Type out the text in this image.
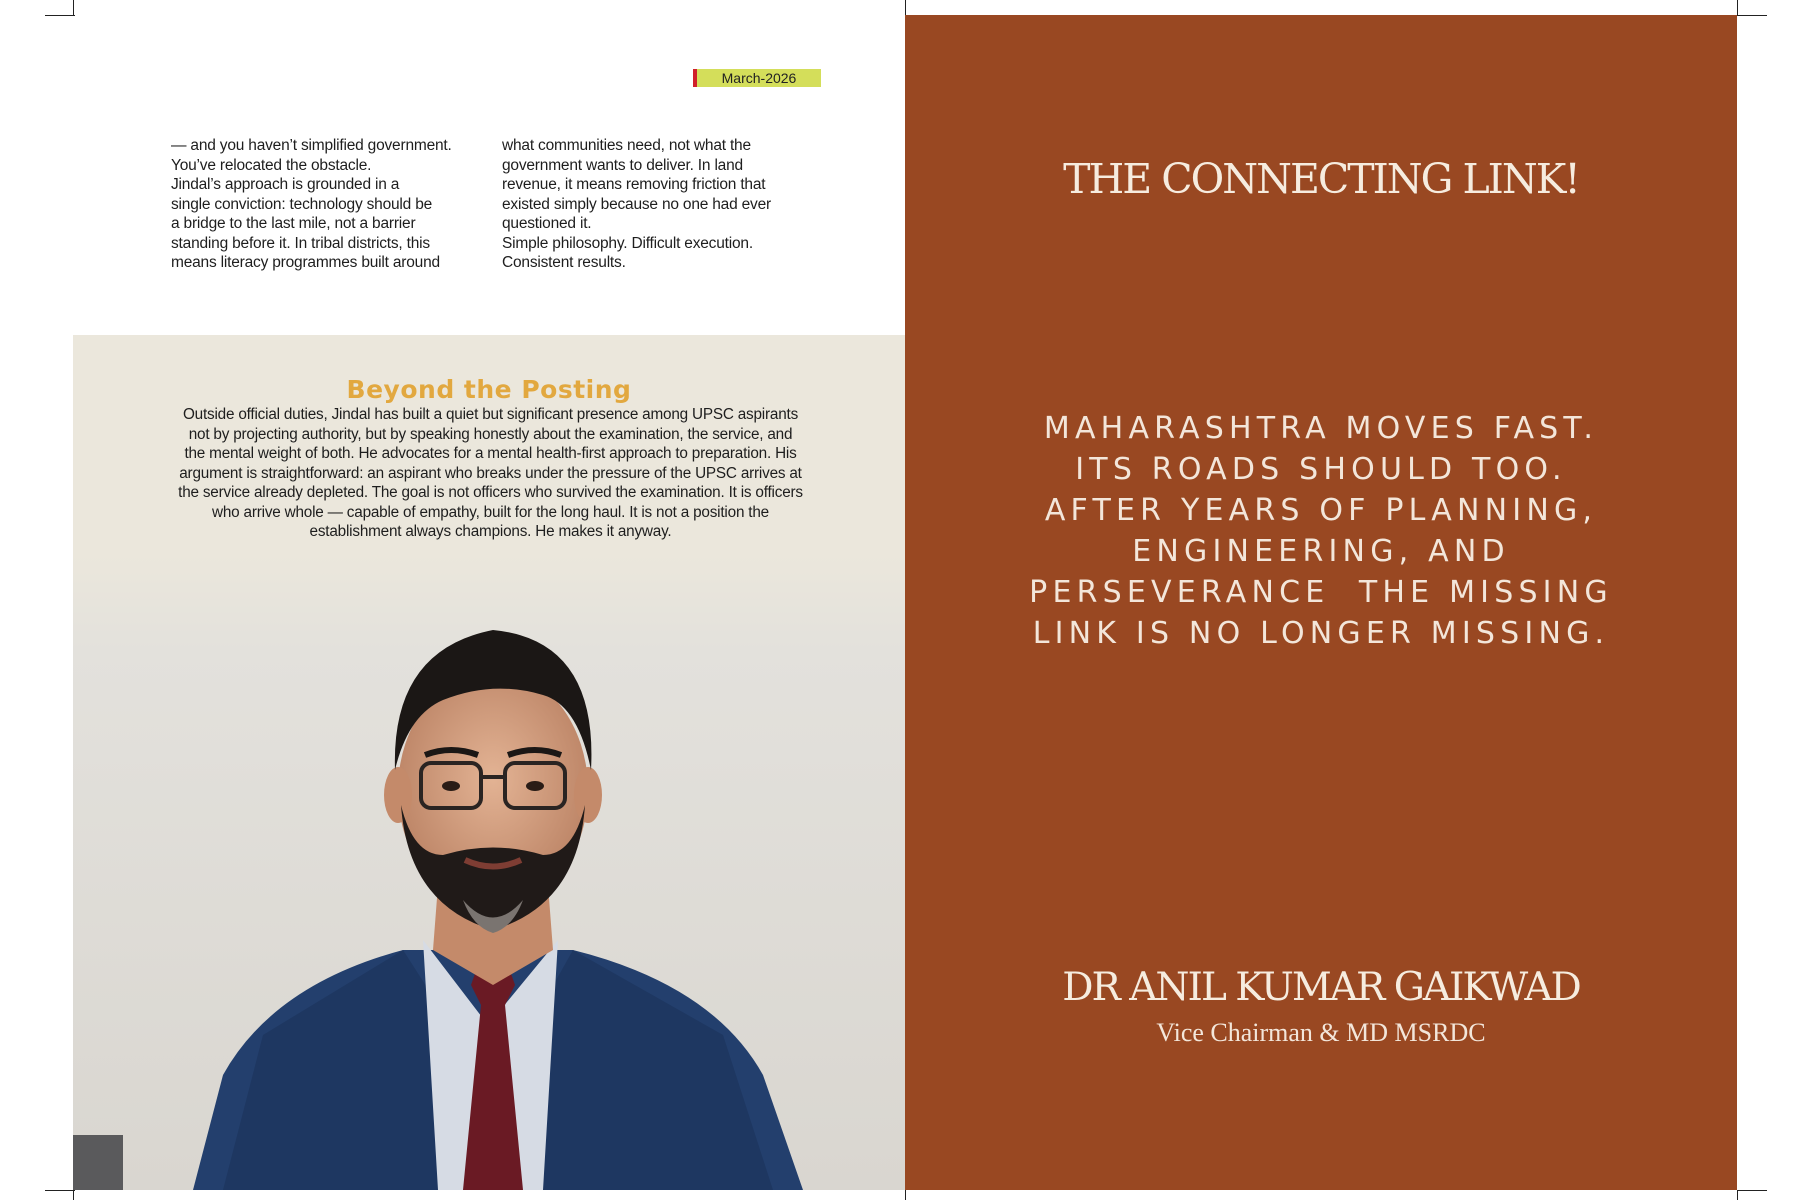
March-2026

— and you haven’t simplified government.
You’ve relocated the obstacle.
Jindal’s approach is grounded in a
single conviction: technology should be
a bridge to the last mile, not a barrier
standing before it. In tribal districts, this
means literacy programmes built around

what communities need, not what the
government wants to deliver. In land
revenue, it means removing friction that
existed simply because no one had ever
questioned it.
Simple philosophy. Difficult execution.
Consistent results.

Beyond the Posting
Outside official duties, Jindal has built a quiet but significant presence among UPSC aspirants not by projecting authority, but by speaking honestly about the examination, the service, and the mental weight of both. He advocates for a mental health-first approach to preparation. His argument is straightforward: an aspirant who breaks under the pressure of the UPSC arrives at the service already depleted. The goal is not officers who survived the examination. It is officers who arrive whole — capable of empathy, built for the long haul. It is not a position the establishment always champions. He makes it anyway.
THE CONNECTING LINK!

MAHARASHTRA MOVES FAST.

ITS ROADS SHOULD TOO.

AFTER YEARS OF PLANNING,

ENGINEERING, AND

PERSEVERANCE  THE MISSING

LINK IS NO LONGER MISSING.

DR ANIL KUMAR GAIKWAD
Vice Chairman & MD MSRDC
